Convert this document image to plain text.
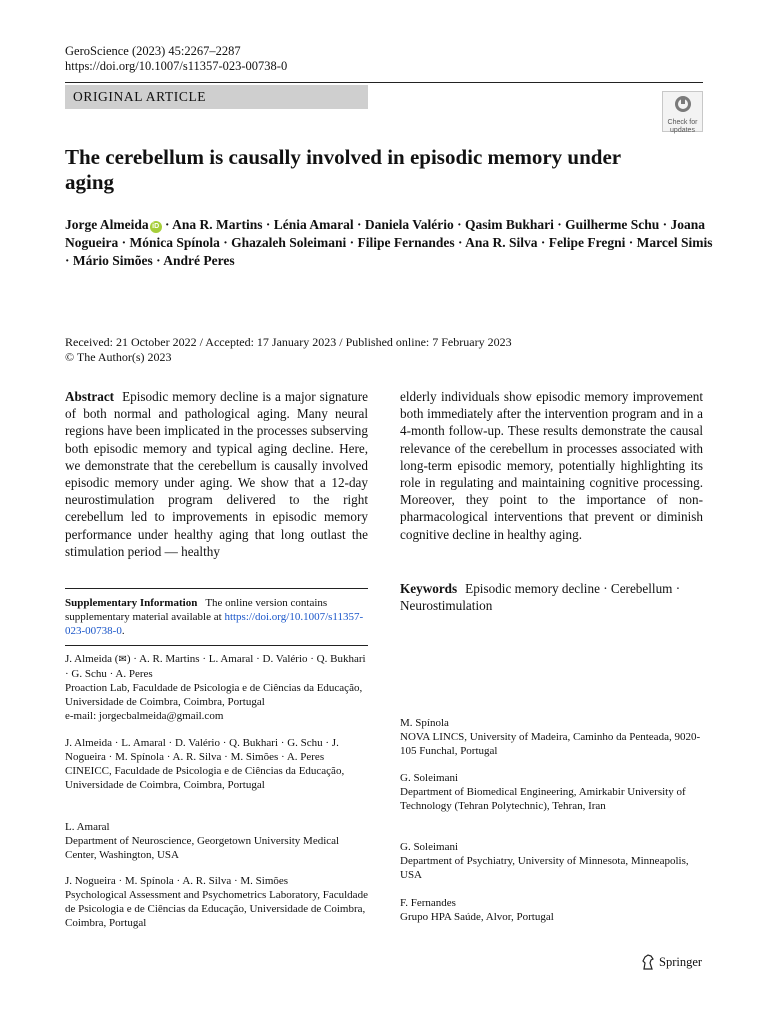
GeroScience (2023) 45:2267–2287
https://doi.org/10.1007/s11357-023-00738-0
ORIGINAL ARTICLE
Check for updates
The cerebellum is causally involved in episodic memory under aging
Jorge Almeida iD · Ana R. Martins · Lénia Amaral · Daniela Valério · Qasim Bukhari · Guilherme Schu · Joana Nogueira · Mónica Spínola · Ghazaleh Soleimani · Filipe Fernandes · Ana R. Silva · Felipe Fregni · Marcel Simis · Mário Simões · André Peres
Received: 21 October 2022 / Accepted: 17 January 2023 / Published online: 7 February 2023
© The Author(s) 2023
Abstract Episodic memory decline is a major signature of both normal and pathological aging. Many neural regions have been implicated in the processes subserving both episodic memory and typical aging decline. Here, we demonstrate that the cerebellum is causally involved episodic memory under aging. We show that a 12-day neurostimulation program delivered to the right cerebellum led to improvements in episodic memory performance under healthy aging that long outlast the stimulation period — healthy
elderly individuals show episodic memory improvement both immediately after the intervention program and in a 4-month follow-up. These results demonstrate the causal relevance of the cerebellum in processes associated with long-term episodic memory, potentially highlighting its role in regulating and maintaining cognitive processing. Moreover, they point to the importance of non-pharmacological interventions that prevent or diminish cognitive decline in healthy aging.
Keywords Episodic memory decline · Cerebellum · Neurostimulation
Supplementary Information The online version contains supplementary material available at https://doi.org/10.1007/s11357-023-00738-0.
J. Almeida (✉) · A. R. Martins · L. Amaral · D. Valério · Q. Bukhari · G. Schu · A. Peres
Proaction Lab, Faculdade de Psicologia e de Ciências da Educação, Universidade de Coimbra, Coimbra, Portugal
e-mail: jorgecbalmeida@gmail.com
J. Almeida · L. Amaral · D. Valério · Q. Bukhari · G. Schu · J. Nogueira · M. Spínola · A. R. Silva · M. Simões · A. Peres
CINEICC, Faculdade de Psicologia e de Ciências da Educação, Universidade de Coimbra, Coimbra, Portugal
L. Amaral
Department of Neuroscience, Georgetown University Medical Center, Washington, USA
J. Nogueira · M. Spínola · A. R. Silva · M. Simões
Psychological Assessment and Psychometrics Laboratory, Faculdade de Psicologia e de Ciências da Educação, Universidade de Coimbra, Coimbra, Portugal
M. Spínola
NOVA LINCS, University of Madeira, Caminho da Penteada, 9020-105 Funchal, Portugal
G. Soleimani
Department of Biomedical Engineering, Amirkabir University of Technology (Tehran Polytechnic), Tehran, Iran
G. Soleimani
Department of Psychiatry, University of Minnesota, Minneapolis, USA
F. Fernandes
Grupo HPA Saúde, Alvor, Portugal
Springer
